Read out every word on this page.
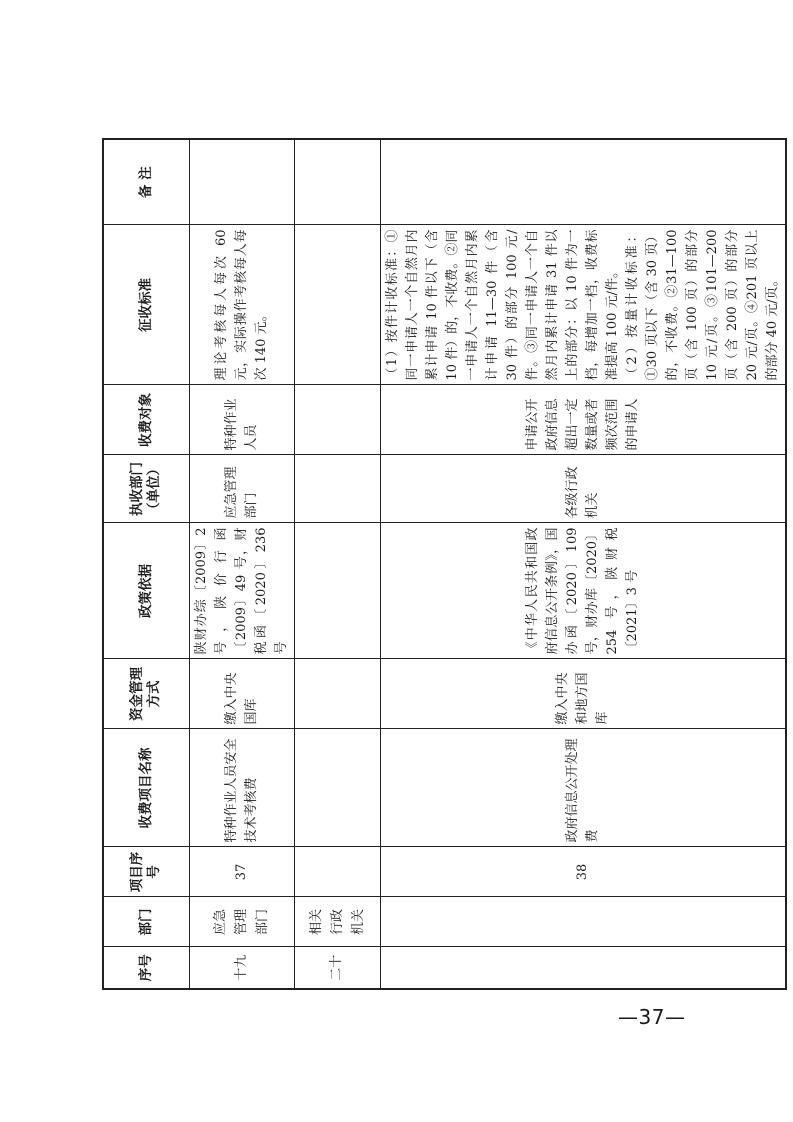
序号	部门	项目序号	收费项目名称	资金管理方式	政策依据	执收部门（单位）	收费对象	征收标准	备 注
十九	应急管理部门	37	特种作业人员安全技术考核费	缴入中央国库	陕财办综〔2009〕2 号，陕价行函〔2009〕49 号，财税函〔2020〕236 号	应急管理部门	特种作业人员	理论考核每人每次 60 元，实际操作考核每人每次 140 元。	

二十	相关行政机关								

		38	政府信息公开处理费	缴入中央和地方国库	《中华人民共和国政府信息公开条例》，国办函〔2020〕109 号，财办库〔2020〕254 号，陕财税〔2021〕3 号	各级行政机关	申请公开政府信息超出一定数量或者频次范围的申请人	（1）按件计收标准：①同一申请人一个自然月内累计申请 10 件以下（含 10 件）的，不收费。②同一申请人一个自然月内累计申请 11—30 件（含 30 件）的部分 100 元/件。③同一申请人一个自然月内累计申请 31 件以上的部分：以 10 件为一档，每增加一档，收费标准提高 100 元/件。 （2）按量计收标准：①30 页以下（含 30 页）的，不收费。②31—100 页（含 100 页）的部分 10 元/页。③101—200 页（含 200 页）的部分 20 元/页。④201 页以上的部分 40 元/页。	

—37—
